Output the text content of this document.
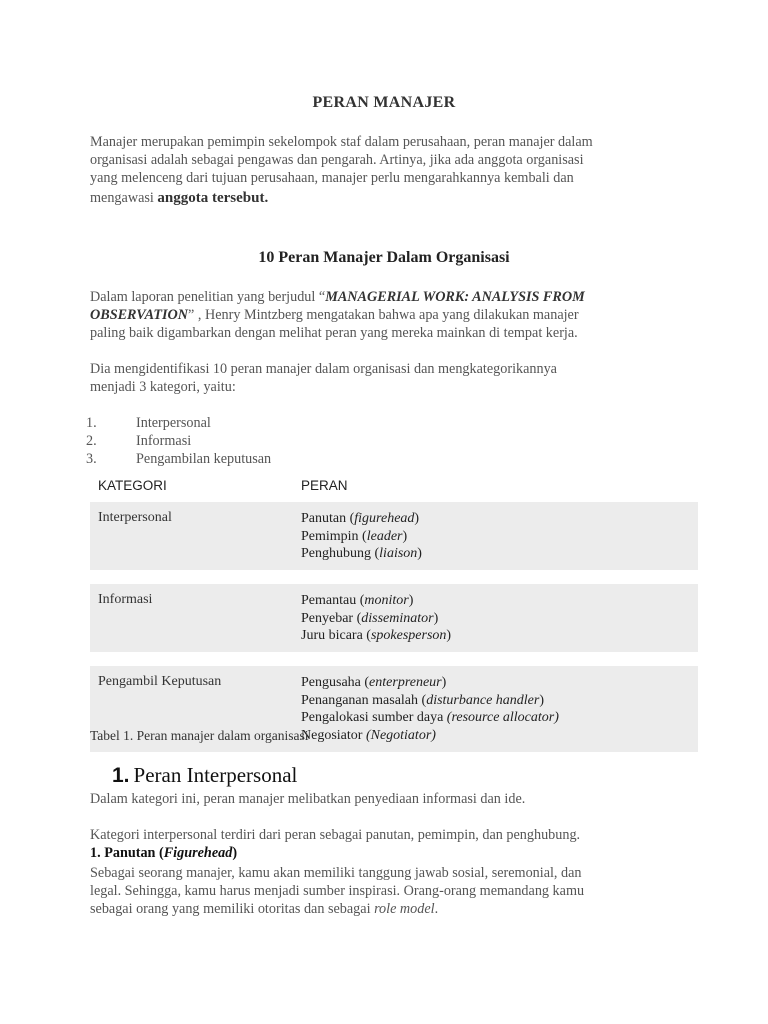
PERAN MANAJER
Manajer merupakan pemimpin sekelompok staf dalam perusahaan, peran manajer dalam
organisasi adalah sebagai pengawas dan pengarah. Artinya, jika ada anggota organisasi
yang melenceng dari tujuan perusahaan, manajer perlu mengarahkannya kembali dan
mengawasi anggota tersebut.
10 Peran Manajer Dalam Organisasi
Dalam laporan penelitian yang berjudul “MANAGERIAL WORK: ANALYSIS FROM
OBSERVATION” , Henry Mintzberg mengatakan bahwa apa yang dilakukan manajer
paling baik digambarkan dengan melihat peran yang mereka mainkan di tempat kerja.
Dia mengidentifikasi 10 peran manajer dalam organisasi dan mengkategorikannya
menjadi 3 kategori, yaitu:
1.	Interpersonal
2.	Informasi
3.	Pengambilan keputusan
KATEGORI	PERAN
Interpersonal	Panutan (figurehead)
Pemimpin (leader)
Penghubung (liaison)
Informasi	Pemantau (monitor)
Penyebar (disseminator)
Juru bicara (spokesperson)
Pengambil Keputusan	Pengusaha (enterpreneur)
Penanganan masalah (disturbance handler)
Pengalokasi sumber daya (resource allocator)
Negosiator (Negotiator)
Tabel 1. Peran manajer dalam organisasi
1. Peran Interpersonal
Dalam kategori ini, peran manajer melibatkan penyediaan informasi dan ide.
Kategori interpersonal terdiri dari peran sebagai panutan, pemimpin, dan penghubung.
1. Panutan (Figurehead)
Sebagai seorang manajer, kamu akan memiliki tanggung jawab sosial, seremonial, dan
legal. Sehingga, kamu harus menjadi sumber inspirasi. Orang-orang memandang kamu
sebagai orang yang memiliki otoritas dan sebagai role model.
